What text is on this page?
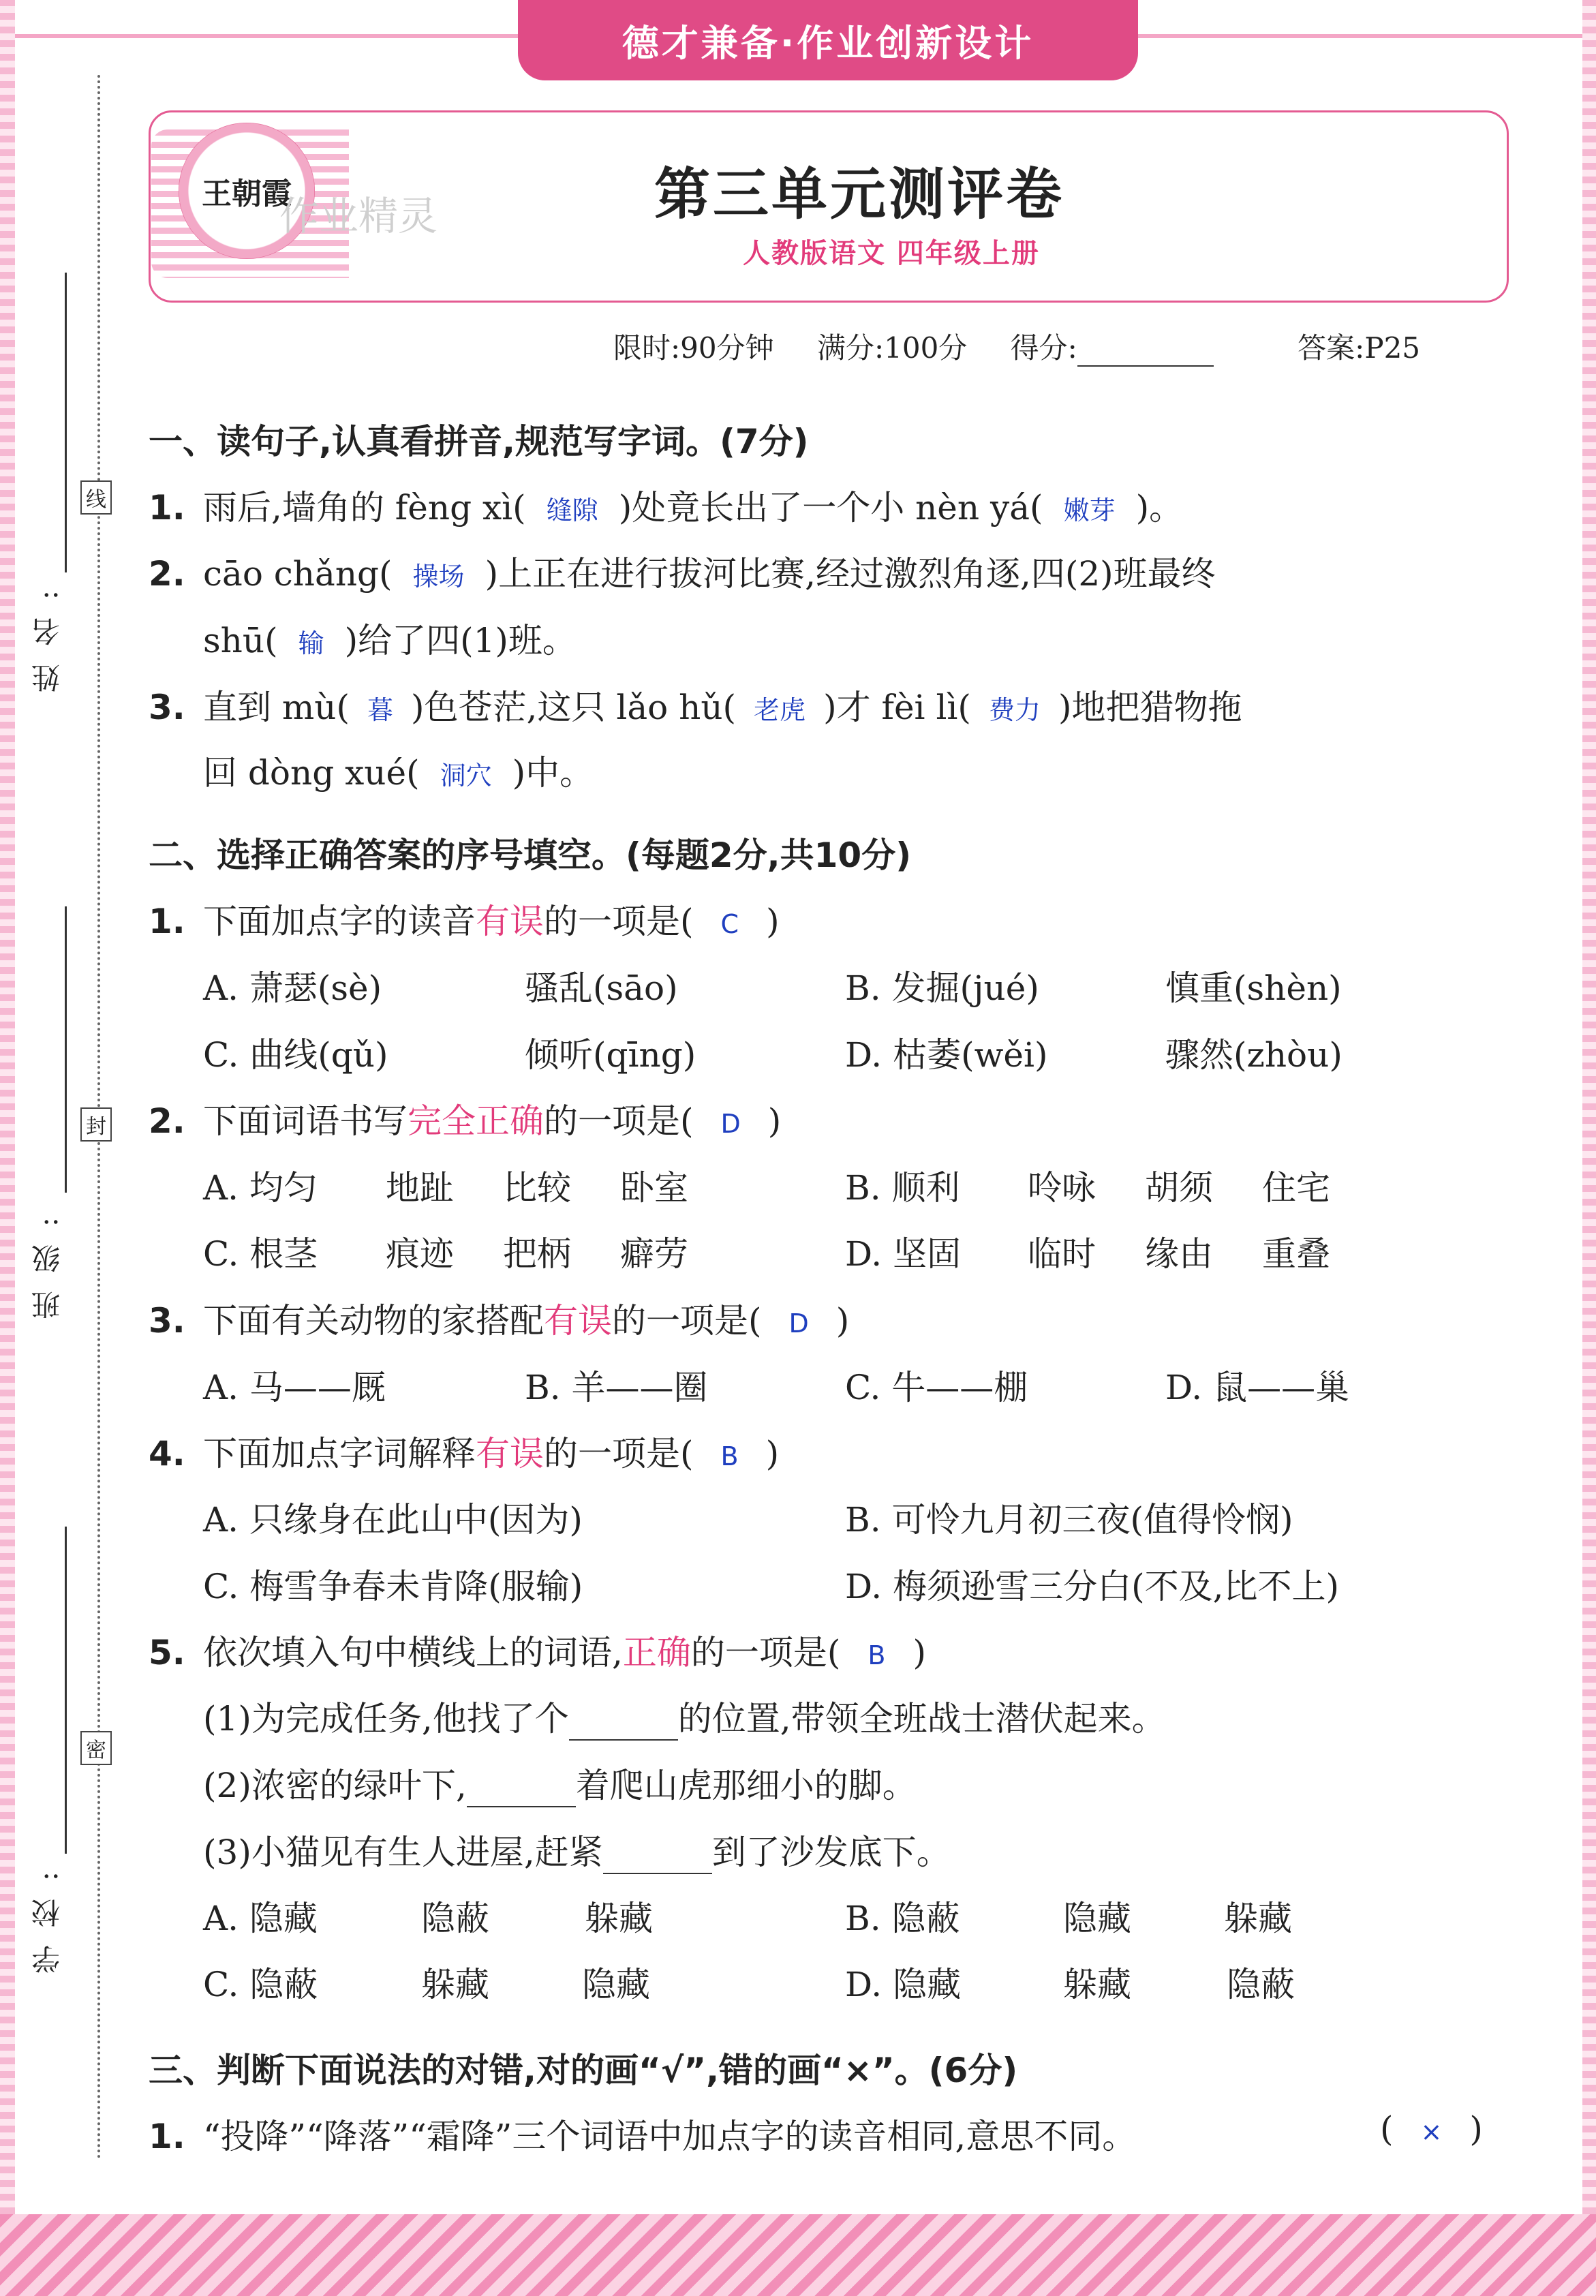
德才兼备·作业创新设计
线
封
密
姓名:
班级:
学校:
王朝霞
作业精灵	第三单元测评卷
人教版语文 四年级上册
限时:90分钟 满分:100分 得分:	答案:P25
一、读句子,认真看拼音,规范写字词。(7分)
1. 雨后,墙角的 fèng xì( 缝隙 )处竟长出了一个小 nèn yá( 嫩芽 )。
2. cāo chǎng( 操场 )上正在进行拔河比赛,经过激烈角逐,四(2)班最终
shū( 输 )给了四(1)班。
3. 直到 mù( 暮 )色苍茫,这只 lǎo hǔ( 老虎 )才 fèi lì( 费力 )地把猎物拖
回 dòng xué( 洞穴 )中。
二、选择正确答案的序号填空。(每题2分,共10分)
1. 下面加点字的读音有误的一项是( C )
A. 萧瑟(sè)	骚乱(sāo)	B. 发掘(jué)	慎重(shèn)
C. 曲线(qǔ)	倾听(qīng)	D. 枯萎(wěi)	骤然(zhòu)
2. 下面词语书写完全正确的一项是( D )
A. 均匀 地趾 比较 卧室	B. 顺利 呤咏 胡须 住宅
C. 根茎 痕迹 把柄 癖劳	D. 坚固 临时 缘由 重叠
3. 下面有关动物的家搭配有误的一项是( D )
A. 马——厩	B. 羊——圈	C. 牛——棚	D. 鼠——巢
4. 下面加点字词解释有误的一项是( B )
A. 只缘身在此山中(因为)	B. 可怜九月初三夜(值得怜悯)
C. 梅雪争春未肯降(服输)	D. 梅须逊雪三分白(不及,比不上)
5. 依次填入句中横线上的词语,正确的一项是( B )
(1)为完成任务,他找了个	的位置,带领全班战士潜伏起来。
(2)浓密的绿叶下,	着爬山虎那细小的脚。
(3)小猫见有生人进屋,赶紧	到了沙发底下。
A. 隐藏	隐蔽	躲藏	B. 隐蔽	隐藏	躲藏
C. 隐蔽	躲藏	隐藏	D. 隐藏	躲藏	隐蔽
三、判断下面说法的对错,对的画“√”,错的画“×”。(6分)
1. “投降”“降落”“霜降”三个词语中加点字的读音相同,意思不同。	( × )
